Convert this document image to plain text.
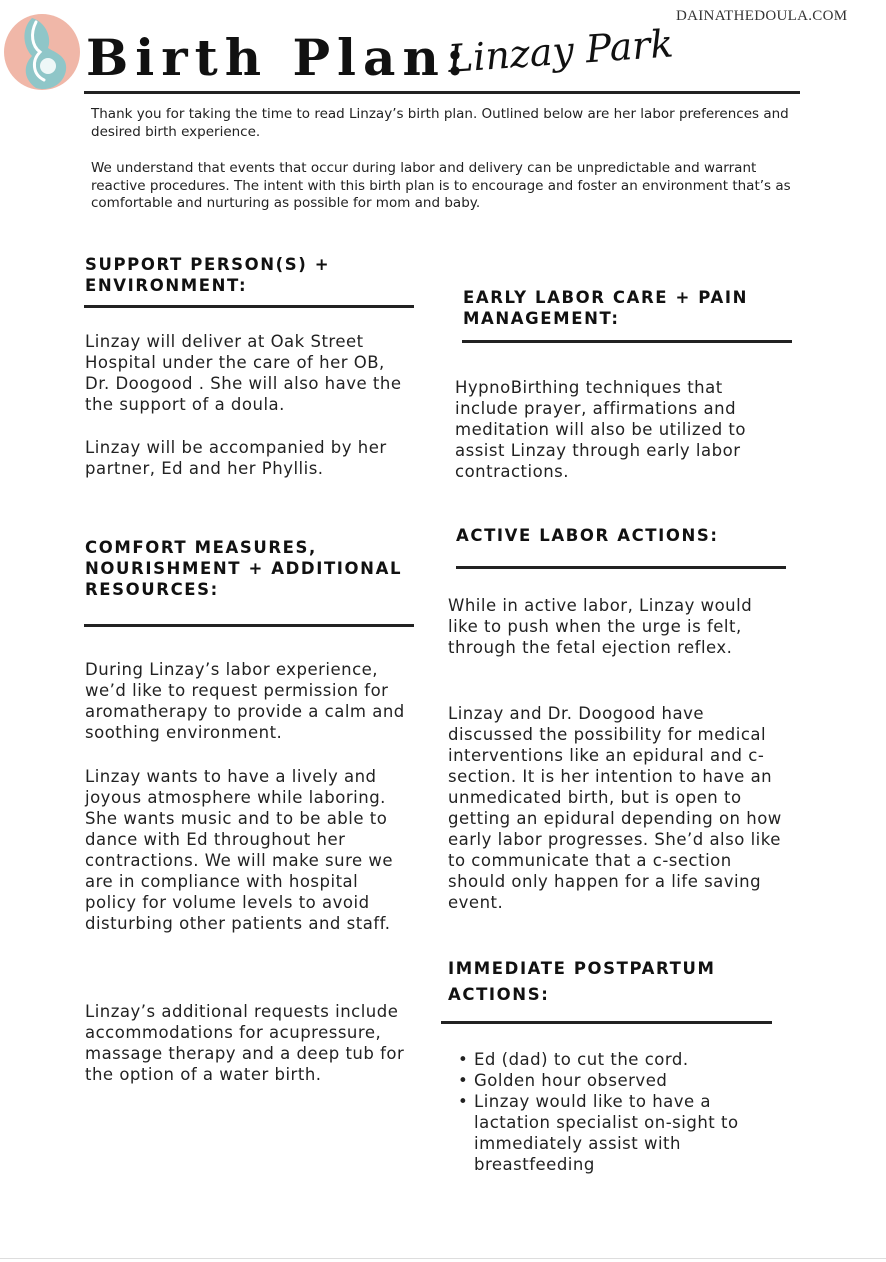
DAINATHEDOULA.COM
Birth Plan:
Linzay Park

Thank you for taking the time to read Linzay’s birth plan. Outlined below are her labor preferences and desired birth experience.

We understand that events that occur during labor and delivery can be unpredictable and warrant reactive procedures. The intent with this birth plan is to encourage and foster an environment that’s as comfortable and nurturing as possible for mom and baby.

SUPPORT PERSON(S) + ENVIRONMENT:

Linzay will deliver at Oak Street Hospital under the care of her OB, Dr. Doogood . She will also have the the support of a doula.

Linzay will be accompanied by her partner, Ed and her Phyllis.

COMFORT MEASURES, NOURISHMENT + ADDITIONAL RESOURCES:

During Linzay’s labor experience, we’d like to request permission for aromatherapy to provide a calm and soothing environment.

Linzay wants to have a lively and joyous atmosphere while laboring. She wants music and to be able to dance with Ed throughout her contractions. We will make sure we are in compliance with hospital policy for volume levels to avoid disturbing other patients and staff.

Linzay’s additional requests include accommodations for acupressure, massage therapy and a deep tub for the option of a water birth.

EARLY LABOR CARE + PAIN MANAGEMENT:

HypnoBirthing techniques that include prayer, affirmations and meditation will also be utilized to assist Linzay through early labor contractions.

ACTIVE LABOR ACTIONS:

While in active labor, Linzay would like to push when the urge is felt, through the fetal ejection reflex.

Linzay and Dr. Doogood have discussed the possibility for medical interventions like an epidural and c-section. It is her intention to have an unmedicated birth, but is open to getting an epidural depending on how early labor progresses. She’d also like to communicate that a c-section should only happen for a life saving event.

IMMEDIATE POSTPARTUM ACTIONS:
• Ed (dad) to cut the cord.
• Golden hour observed
• Linzay would like to have a lactation specialist on-sight to immediately assist with breastfeeding
